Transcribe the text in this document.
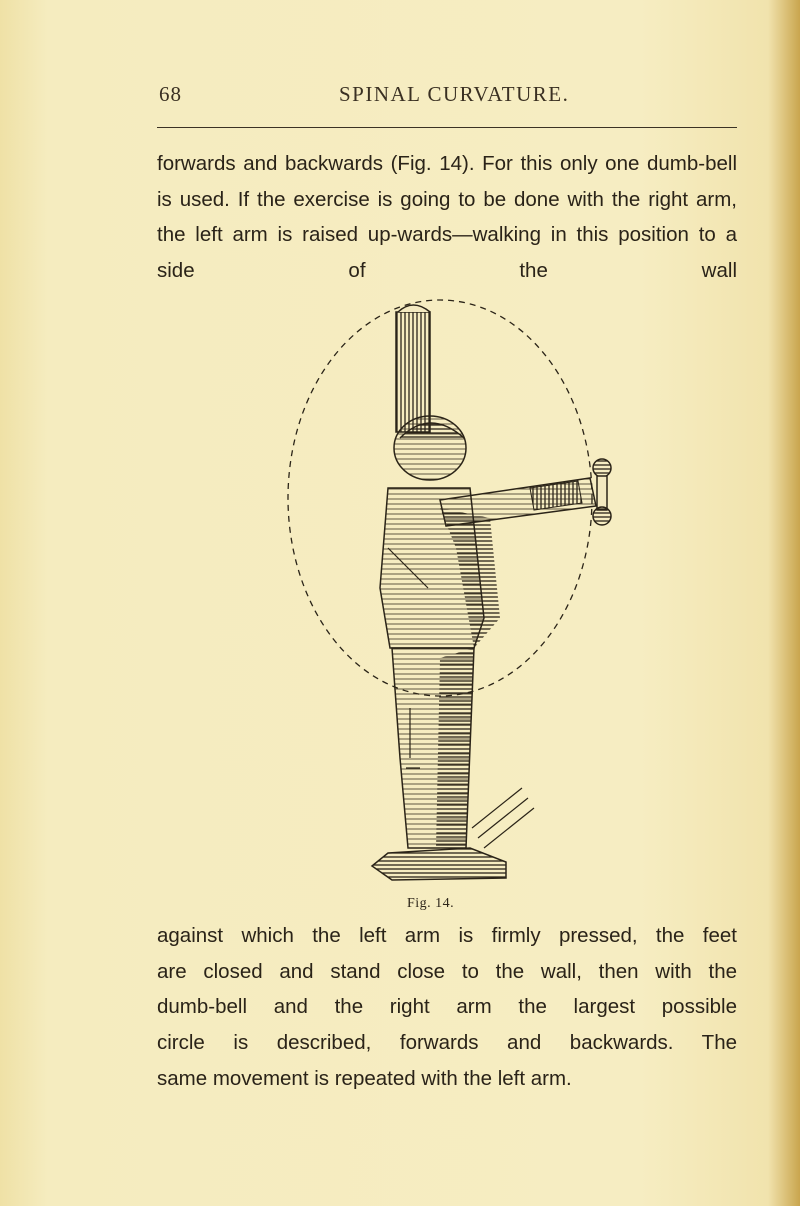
68	SPINAL CURVATURE.

forwards and backwards (Fig. 14). For this only one dumb-bell is used. If the exercise is going to be done with the right arm, the left arm is raised up-wards—walking in this position to a side of the wall

Fig. 14.
against which the left arm is firmly pressed, the feet
are closed and stand close to the wall, then with the
dumb-bell and the right arm the largest possible
circle is described, forwards and backwards. The
same movement is repeated with the left arm.
